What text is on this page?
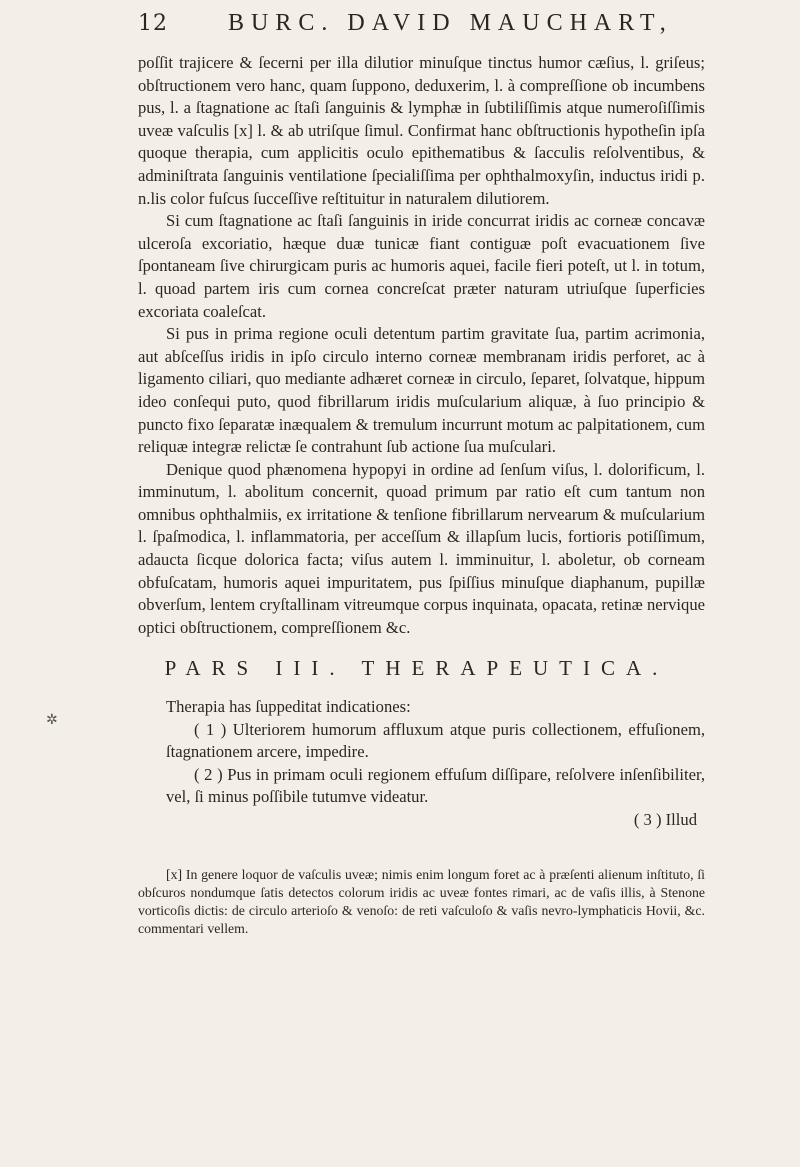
12	BURC. DAVID MAUCHART,

poſſit trajicere & ſecerni per illa dilutior minuſque tinctus humor cæſius, l. griſeus; obſtructionem vero hanc, quam ſuppono, deduxerim, l. à compreſſione ob incumbens pus, l. a ſtagnatione ac ſtaſi ſanguinis & lymphæ in ſubtiliſſimis atque numeroſiſſimis uveæ vaſculis [x] l. & ab utriſque ſimul. Confirmat hanc obſtructionis hypotheſin ipſa quoque therapia, cum applicitis oculo epithematibus & ſacculis reſolventibus, & adminiſtrata ſanguinis ventilatione ſpecialiſſima per ophthalmoxyſin, inductus iridi p. n.lis color fuſcus ſucceſſive reſtituitur in naturalem dilutiorem.

Si cum ſtagnatione ac ſtaſi ſanguinis in iride concurrat iridis ac corneæ concavæ ulceroſa excoriatio, hæque duæ tunicæ fiant contiguæ poſt evacuationem ſive ſpontaneam ſive chirurgicam puris ac humoris aquei, facile fieri poteſt, ut l. in totum, l. quoad partem iris cum cornea concreſcat præter naturam utriuſque ſuperficies excoriata coaleſcat.

Si pus in prima regione oculi detentum partim gravitate ſua, partim acrimonia, aut abſceſſus iridis in ipſo circulo interno corneæ membranam iridis perforet, ac à ligamento ciliari, quo mediante adhæret corneæ in circulo, ſeparet, ſolvatque, hippum ideo conſequi puto, quod fibrillarum iridis muſcularium aliquæ, à ſuo principio & puncto fixo ſeparatæ inæqualem & tremulum incurrunt motum ac palpitationem, cum reliquæ integræ relictæ ſe contrahunt ſub actione ſua muſculari.

Denique quod phænomena hypopyi in ordine ad ſenſum viſus, l. dolorificum, l. imminutum, l. abolitum concernit, quoad primum par ratio eſt cum tantum non omnibus ophthalmiis, ex irritatione & tenſione fibrillarum nervearum & muſcularium l. ſpaſmodica, l. inflammatoria, per acceſſum & illapſum lucis, fortioris potiſſimum, adaucta ſicque dolorica facta; viſus autem l. imminuitur, l. aboletur, ob corneam obfuſcatam, humoris aquei impuritatem, pus ſpiſſius minuſque diaphanum, pupillæ obverſum, lentem cryſtallinam vitreumque corpus inquinata, opacata, retinæ nervique optici obſtructionem, compreſſionem &c.

PARS III. THERAPEUTICA.

Therapia has ſuppeditat indicationes:

( 1 ) Ulteriorem humorum affluxum atque puris collectionem, effuſionem, ſtagnationem arcere, impedire.

( 2 ) Pus in primam oculi regionem effuſum diſſipare, reſolvere inſenſibiliter, vel, ſi minus poſſibile tutumve videatur.

( 3 ) Illud

[x] In genere loquor de vaſculis uveæ; nimis enim longum foret ac à præſenti alienum inſtituto, ſi obſcuros nondumque ſatis detectos colorum iridis ac uveæ fontes rimari, ac de vaſis illis, à Stenone vorticoſis dictis: de circulo arterioſo & venoſo: de reti vaſculoſo & vaſis nevro-lymphaticis Hovii, &c. commentari vellem.

✲
